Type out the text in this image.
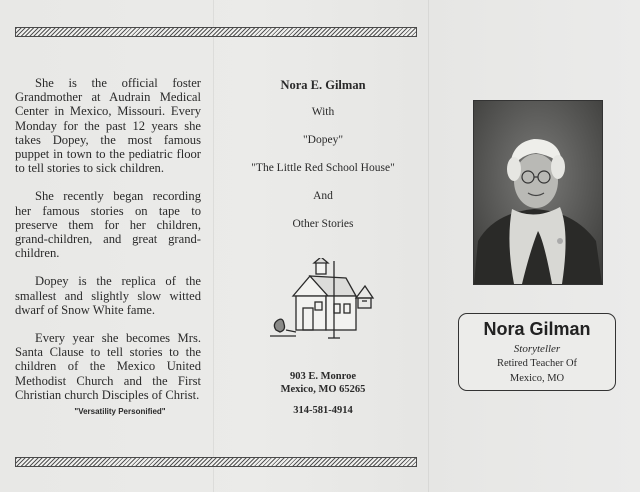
She is the official foster Grandmother at Audrain Medical Center in Mexico, Missouri. Every Monday for the past 12 years she takes Dopey, the most famous puppet in town to the pediatric floor to tell stories to sick children.

She recently began recording her famous stories on tape to preserve them for her children, grand-children, and great grand-children.

Dopey is the replica of the smallest and slightly slow witted dwarf of Snow White fame.

Every year she becomes Mrs. Santa Clause to tell stories to the children of the Mexico United Methodist Church and the First Christian church Disciples of Christ.

"Versatility Personified"
Nora E. Gilman
With
"Dopey"
"The Little Red School House"
And
Other Stories
903 E. Monroe
Mexico, MO 65265
314-581-4914
Nora Gilman
Storyteller
Retired Teacher Of
Mexico, MO
